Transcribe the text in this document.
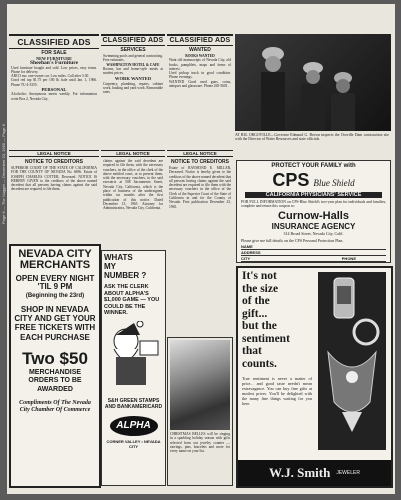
Page 6 — The Nugget — December 23, 1965 — Page 6
CLASSIFIED ADS
FOR SALE
NEW FURNITURE
Sheehan's Furniture
Used furniture bought and sold. Low prices, easy terms. Phone for delivery.
ARCO mo. one-owner car. Low miles. Call after 5:30.
Good red top $1.75 per 100 lb. bale until Jan. 1, 1966. Phone TU 4-3355.
PERSONAL
Alcoholics Anonymous meets weekly. For information write Box 2, Nevada City.
LEGAL NOTICE
NOTICE TO CREDITORS
SUPERIOR COURT OF THE STATE OF CALIFORNIA FOR THE COUNTY OF NEVADA No. 6696. Estate of JOSEPH CHARLES COTTER, Deceased. NOTICE IS HEREBY GIVEN to the creditors of the above named decedent that all persons having claims against the said decedent are required to file them.
NEVADA CITY
MERCHANTS
OPEN EVERY NIGHT 'TIL 9 PM
(Beginning the 23rd)
SHOP IN NEVADA CITY AND GET YOUR FREE TICKETS WITH EACH PURCHASE
Two $50
MERCHANDISE ORDERS TO BE AWARDED
Compliments Of The Nevada City Chamber Of Commerce
CLASSIFIED ADS
SERVICES
Swimming pools and general contracting. Free estimates.
WASHINGTON HOTEL & CAFE
Rooms, bar and home-style meals at modest prices.
WORK WANTED
Carpentry, plumbing, repairs, cabinet work, hauling and yard work. Reasonable rates.
LEGAL NOTICE
claims against the said decedent are required to file them, with the necessary vouchers, in the office of the clerk of the above entitled court, or to present them, with the necessary vouchers, to the said executrix at 508 Sacramento Street, Nevada City, California, which is the place of business of the undersigned, within six months after the first publication of this notice. Dated December 13, 1965. Attorney for Administratrix, Nevada City, California.
WHATS
MY
NUMBER ?
ASK THE CLERK ABOUT ALPHA'S $1,000 GAME — YOU COULD BE THE WINNER.
S&H GREEN STAMPS AND BANKAMERICARD
ALPHA
CORNER VALLEY • NEVADA CITY
CLASSIFIED ADS
WANTED
BOOKS WANTED
Want old manuscripts of Nevada City, old books, pamphlets, maps and items of interest.
Used pickup truck in good condition. Phone evenings.
WANTED Good used guns, coins, antiques and glassware. Phone 265-5601.
LEGAL NOTICE
NOTICE TO CREDITORS
Estate of RAYMOND E. MILLER, Deceased. Notice is hereby given to the creditors of the above named decedent that all persons having claims against the said decedent are required to file them with the necessary vouchers in the office of the Clerk of the Superior Court of the State of California in and for the County of Nevada. First publication December 23, 1965.
CHRISTMAS BELLES will be ringing in a sparkling holiday season with gifts selected from our jewelry counter — earrings, pins, bracelets and more for every name on your list.
AT BIG ORGOVILLE—Governor Edmund G. Brown inspects the Oroville Dam construction site with the Director of Water Resources and state officials.
PROTECT YOUR FAMILY with
CPS Blue Shield
CALIFORNIA PHYSICIANS' SERVICE
FOR FULL INFORMATION on CPS-Blue Shield's two-year plan for individuals and families, complete and return this coupon to:
Curnow-Halls
INSURANCE AGENCY
314 Broad Street, Nevada City, Calif.
Please give me full details on the CPS Personal Protection Plan.
NAME
ADDRESS
CITY	PHONE
It's not
the size
of the
gift...
but the
sentiment
that
counts.
True sentiment is never a matter of price... and good taste needn't mean extravagance. You can buy fine gifts at modest prices. You'll be delighted with the many fine things waiting for you here.
W.J. Smith JEWELER
